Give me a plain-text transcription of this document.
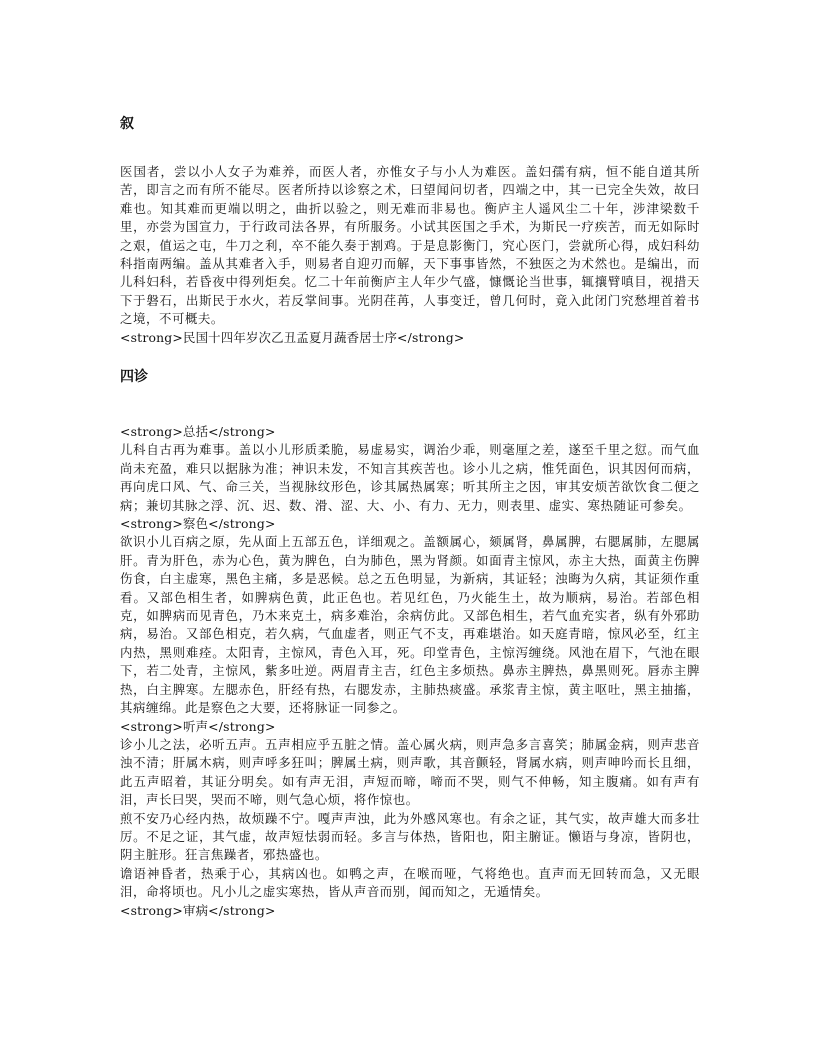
叙

医国者，尝以小人女子为难养，而医人者，亦惟女子与小人为难医。盖妇孺有病，恒不能自道其所苦，即言之而有所不能尽。医者所持以诊察之术，曰望闻问切者，四端之中，其一已完全失效，故曰难也。知其难而更端以明之，曲折以验之，则无难而非易也。衡庐主人遥风尘二十年，涉津梁数千里，亦尝为国宣力，于行政司法各界，有所服务。小试其医国之手术，为斯民一疗疾苦，而无如际时之艰，值运之屯，牛刀之利，卒不能久奏于割鸡。于是息影衡门，究心医门，尝就所心得，成妇科幼科指南两编。盖从其难者入手，则易者自迎刃而解，天下事事皆然，不独医之为术然也。是编出，而儿科妇科，若昏夜中得列炬矣。忆二十年前衡庐主人年少气盛，慷慨论当世事，辄攘臂嗔目，视措天下于磐石，出斯民于水火，若反掌间事。光阴荏苒，人事变迁，曾几何时，竟入此闭门究愁埋首着书之境，不可概夫。

<strong>民国十四年岁次乙丑孟夏月蔬香居士序</strong>

四诊

<strong>总括</strong>

儿科自古再为难事。盖以小儿形质柔脆，易虚易实，调治少乖，则毫厘之差，遂至千里之愆。而气血尚未充盈，难只以据脉为准；神识未发，不知言其疾苦也。诊小儿之病，惟凭面色，识其因何而病，再向虎口风、气、命三关，当视脉纹形色，诊其属热属寒；听其所主之因，审其安烦苦欲饮食二便之病；兼切其脉之浮、沉、迟、数、滑、涩、大、小、有力、无力，则表里、虚实、寒热随证可参矣。

<strong>察色</strong>

欲识小儿百病之原，先从面上五部五色，详细观之。盖额属心，颏属肾，鼻属脾，右腮属肺，左腮属肝。青为肝色，赤为心色，黄为脾色，白为肺色，黑为肾颜。如面青主惊风，赤主大热，面黄主伤脾伤食，白主虚寒，黑色主痛，多是恶候。总之五色明显，为新病，其证轻；浊晦为久病，其证须作重看。又部色相生者，如脾病色黄，此正色也。若见红色，乃火能生土，故为顺病，易治。若部色相克，如脾病而见青色，乃木来克土，病多难治，余病仿此。又部色相生，若气血充实者，纵有外邪助病，易治。又部色相克，若久病，气血虚者，则正气不支，再难堪治。如天庭青暗，惊风必至，红主内热，黑则难痊。太阳青，主惊风，青色入耳，死。印堂青色，主惊泻缠绕。风池在眉下，气池在眼下，若二处青，主惊风，紫多吐逆。两眉青主吉，红色主多烦热。鼻赤主脾热，鼻黑则死。唇赤主脾热，白主脾寒。左腮赤色，肝经有热，右腮发赤，主肺热痰盛。承浆青主惊，黄主呕吐，黑主抽搐，其病缠绵。此是察色之大要，还将脉证一同参之。

<strong>听声</strong>

诊小儿之法，必听五声。五声相应乎五脏之情。盖心属火病，则声急多言喜笑；肺属金病，则声悲音浊不清；肝属木病，则声呼多狂叫；脾属土病，则声歌，其音颤轻，肾属水病，则声呻吟而长且细，此五声昭着，其证分明矣。如有声无泪，声短而啼，啼而不哭，则气不伸畅，知主腹痛。如有声有泪，声长曰哭，哭而不啼，则气急心烦，将作惊也。

煎不安乃心经内热，故烦躁不宁。嘎声声浊，此为外感风寒也。有余之证，其气实，故声雄大而多壮厉。不足之证，其气虚，故声短怯弱而轻。多言与体热，皆阳也，阳主腑证。懒语与身凉，皆阴也，阴主脏形。狂言焦躁者，邪热盛也。

谵语神昏者，热乘于心，其病凶也。如鸭之声，在喉而哑，气将绝也。直声而无回转而急，又无眼泪，命将顷也。凡小儿之虚实寒热，皆从声音而别，闻而知之，无遁情矣。

<strong>审病</strong>
